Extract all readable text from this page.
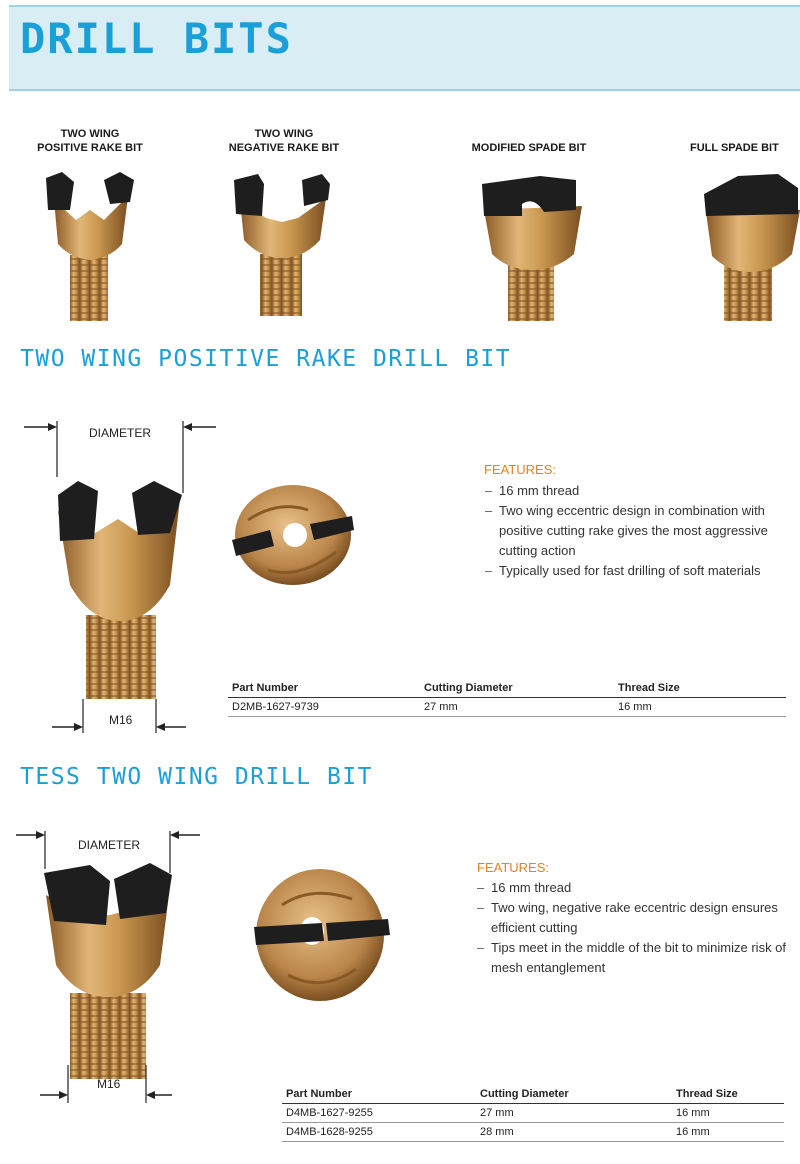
DRILL BITS
TWO WING
POSITIVE RAKE BIT
TWO WING
NEGATIVE RAKE BIT	MODIFIED SPADE BIT	FULL SPADE BIT
TWO WING POSITIVE RAKE DRILL BIT
DIAMETER
M16
FEATURES:
– 16 mm thread
– Two wing eccentric design in combination with positive cutting rake gives the most aggressive cutting action
– Typically used for fast drilling of soft materials
Part Number	Cutting Diameter	Thread Size
D2MB-1627-9739	27 mm	16 mm
TESS TWO WING DRILL BIT
DIAMETER
M16
FEATURES:
– 16 mm thread
– Two wing, negative rake eccentric design ensures efficient cutting
– Tips meet in the middle of the bit to minimize risk of mesh entanglement
Part Number	Cutting Diameter	Thread Size
D4MB-1627-9255	27 mm	16 mm
D4MB-1628-9255	28 mm	16 mm
